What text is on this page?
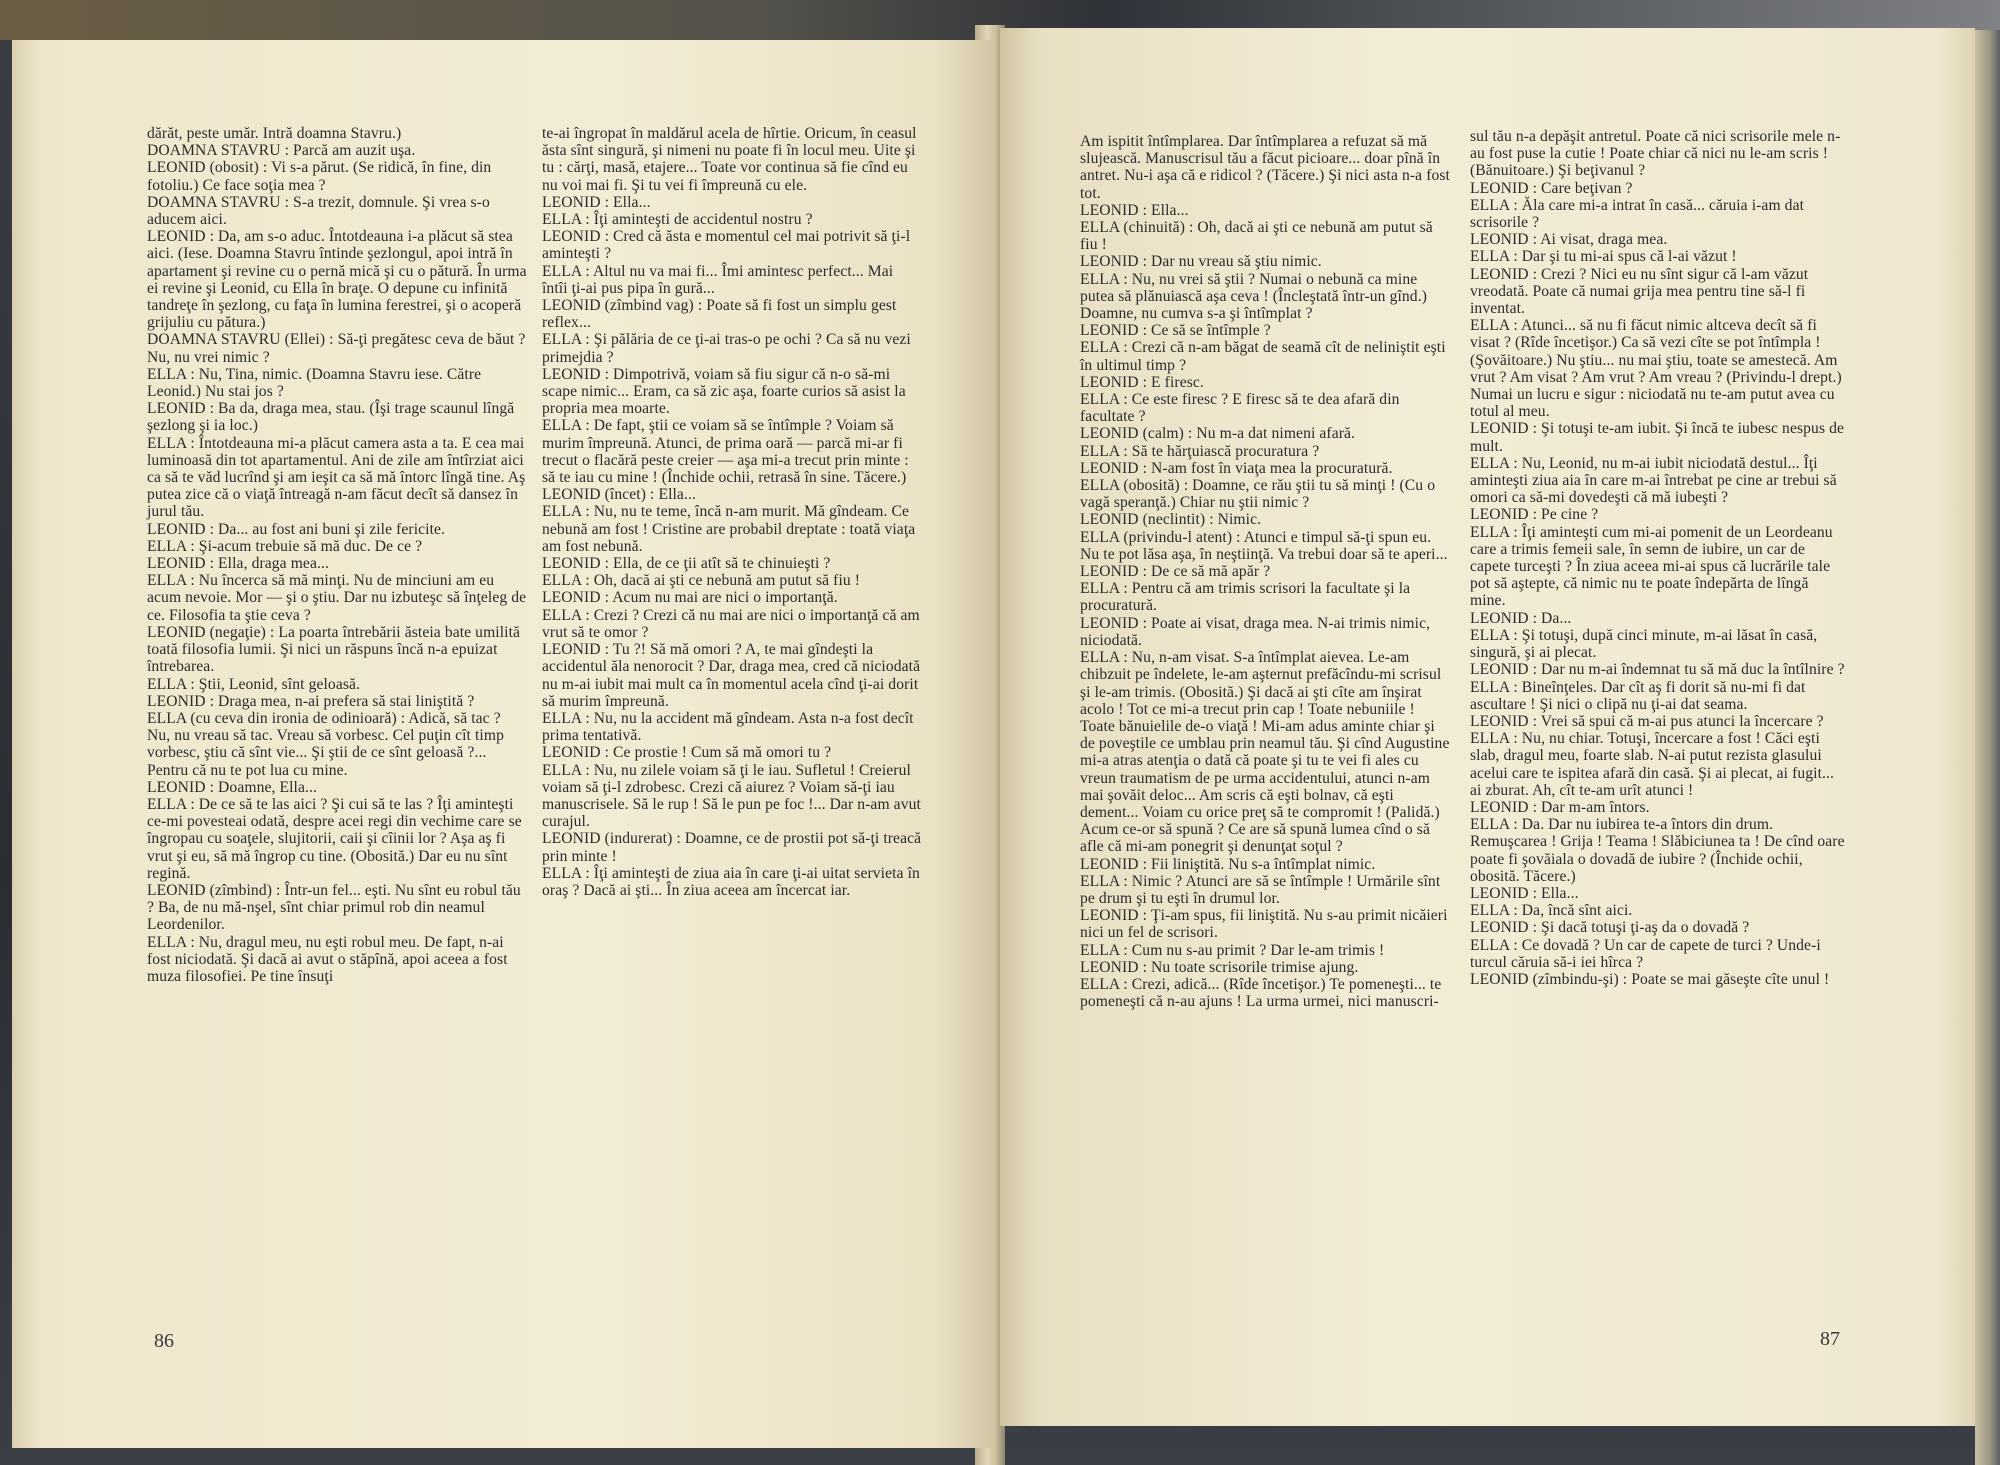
dărăt, peste umăr. Intră doamna Stavru.)

DOAMNA STAVRU : Parcă am auzit uşa.

LEONID (obosit) : Vi s-a părut. (Se ridică, în fine, din fotoliu.) Ce face soţia mea ?

DOAMNA STAVRU : S-a trezit, domnule. Şi vrea s-o aducem aici.

LEONID : Da, am s-o aduc. Întotdeauna i-a plăcut să stea aici. (Iese. Doamna Stavru întinde şezlongul, apoi intră în apartament şi revine cu o pernă mică şi cu o pătură. În urma ei revine şi Leonid, cu Ella în braţe. O depune cu infinită tandreţe în şezlong, cu faţa în lumina ferestrei, şi o acoperă grijuliu cu pătura.)

DOAMNA STAVRU (Ellei) : Să-ţi pregătesc ceva de băut ? Nu, nu vrei nimic ?

ELLA : Nu, Tina, nimic. (Doamna Stavru iese. Către Leonid.) Nu stai jos ?

LEONID : Ba da, draga mea, stau. (Îşi trage scaunul lîngă şezlong şi ia loc.)

ELLA : Întotdeauna mi-a plăcut camera asta a ta. E cea mai luminoasă din tot apartamentul. Ani de zile am întîrziat aici ca să te văd lucrînd şi am ieşit ca să mă întorc lîngă tine. Aş putea zice că o viaţă întreagă n-am făcut decît să dansez în jurul tău.

LEONID : Da... au fost ani buni şi zile fericite.

ELLA : Şi-acum trebuie să mă duc. De ce ?

LEONID : Ella, draga mea...

ELLA : Nu încerca să mă minţi. Nu de minciuni am eu acum nevoie. Mor — şi o ştiu. Dar nu izbuteşc să înţeleg de ce. Filosofia ta ştie ceva ?

LEONID (negaţie) : La poarta întrebării ăsteia bate umilită toată filosofia lumii. Şi nici un răspuns încă n-a epuizat întrebarea.

ELLA : Ştii, Leonid, sînt geloasă.

LEONID : Draga mea, n-ai prefera să stai liniştită ?

ELLA (cu ceva din ironia de odinioară) : Adică, să tac ? Nu, nu vreau să tac. Vreau să vorbesc. Cel puţin cît timp vorbesc, ştiu că sînt vie... Şi ştii de ce sînt geloasă ?... Pentru că nu te pot lua cu mine.

LEONID : Doamne, Ella...

ELLA : De ce să te las aici ? Şi cui să te las ? Îţi aminteşti ce-mi povesteai odată, despre acei regi din vechime care se îngropau cu soaţele, slujitorii, caii şi cîinii lor ? Aşa aş fi vrut şi eu, să mă îngrop cu tine. (Obosită.) Dar eu nu sînt regină.

LEONID (zîmbind) : Într-un fel... eşti. Nu sînt eu robul tău ? Ba, de nu mă-nşel, sînt chiar primul rob din neamul Leordenilor.

ELLA : Nu, dragul meu, nu eşti robul meu. De fapt, n-ai fost niciodată. Şi dacă ai avut o stăpînă, apoi aceea a fost muza filosofiei. Pe tine însuţi

te-ai îngropat în maldărul acela de hîrtie. Oricum, în ceasul ăsta sînt singură, şi nimeni nu poate fi în locul meu. Uite şi tu : cărţi, masă, etajere... Toate vor continua să fie cînd eu nu voi mai fi. Şi tu vei fi împreună cu ele.

LEONID : Ella...

ELLA : Îţi aminteşti de accidentul nostru ?

LEONID : Cred că ăsta e momentul cel mai potrivit să ţi-l aminteşti ?

ELLA : Altul nu va mai fi... Îmi amintesc perfect... Mai întîi ţi-ai pus pipa în gură...

LEONID (zîmbind vag) : Poate să fi fost un simplu gest reflex...

ELLA : Şi pălăria de ce ţi-ai tras-o pe ochi ? Ca să nu vezi primejdia ?

LEONID : Dimpotrivă, voiam să fiu sigur că n-o să-mi scape nimic... Eram, ca să zic aşa, foarte curios să asist la propria mea moarte.

ELLA : De fapt, ştii ce voiam să se întîmple ? Voiam să murim împreună. Atunci, de prima oară — parcă mi-ar fi trecut o flacără peste creier — aşa mi-a trecut prin minte : să te iau cu mine ! (Închide ochii, retrasă în sine. Tăcere.)

LEONID (încet) : Ella...

ELLA : Nu, nu te teme, încă n-am murit. Mă gîndeam. Ce nebună am fost ! Cristine are probabil dreptate : toată viaţa am fost nebună.

LEONID : Ella, de ce ţii atît să te chinuieşti ?

ELLA : Oh, dacă ai şti ce nebună am putut să fiu !

LEONID : Acum nu mai are nici o importanţă.

ELLA : Crezi ? Crezi că nu mai are nici o importanţă că am vrut să te omor ?

LEONID : Tu ?! Să mă omori ? A, te mai gîndeşti la accidentul ăla nenorocit ? Dar, draga mea, cred că niciodată nu m-ai iubit mai mult ca în momentul acela cînd ţi-ai dorit să murim împreună.

ELLA : Nu, nu la accident mă gîndeam. Asta n-a fost decît prima tentativă.

LEONID : Ce prostie ! Cum să mă omori tu ?

ELLA : Nu, nu zilele voiam să ţi le iau. Sufletul ! Creierul voiam să ţi-l zdrobesc. Crezi că aiurez ? Voiam să-ţi iau manuscrisele. Să le rup ! Să le pun pe foc !... Dar n-am avut curajul.

LEONID (indurerat) : Doamne, ce de prostii pot să-ţi treacă prin minte !

ELLA : Îţi aminteşti de ziua aia în care ţi-ai uitat servieta în oraş ? Dacă ai şti... În ziua aceea am încercat iar.

86

Am ispitit întîmplarea. Dar întîmplarea a refuzat să mă slujească. Manuscrisul tău a făcut picioare... doar pînă în antret. Nu-i aşa că e ridicol ? (Tăcere.) Şi nici asta n-a fost tot.

LEONID : Ella...

ELLA (chinuită) : Oh, dacă ai şti ce nebună am putut să fiu !

LEONID : Dar nu vreau să ştiu nimic.

ELLA : Nu, nu vrei să ştii ? Numai o nebună ca mine putea să plănuiască aşa ceva ! (Încleştată într-un gînd.) Doamne, nu cumva s-a şi întîmplat ?

LEONID : Ce să se întîmple ?

ELLA : Crezi că n-am băgat de seamă cît de neliniştit eşti în ultimul timp ?

LEONID : E firesc.

ELLA : Ce este firesc ? E firesc să te dea afară din facultate ?

LEONID (calm) : Nu m-a dat nimeni afară.

ELLA : Să te hărţuiască procuratura ?

LEONID : N-am fost în viaţa mea la procuratură.

ELLA (obosită) : Doamne, ce rău ştii tu să minţi ! (Cu o vagă speranţă.) Chiar nu ştii nimic ?

LEONID (neclintit) : Nimic.

ELLA (privindu-l atent) : Atunci e timpul să-ţi spun eu. Nu te pot lăsa aşa, în neştiinţă. Va trebui doar să te aperi...

LEONID : De ce să mă apăr ?

ELLA : Pentru că am trimis scrisori la facultate şi la procuratură.

LEONID : Poate ai visat, draga mea. N-ai trimis nimic, niciodată.

ELLA : Nu, n-am visat. S-a întîmplat aievea. Le-am chibzuit pe îndelete, le-am aşternut prefăcîndu-mi scrisul şi le-am trimis. (Obosită.) Şi dacă ai şti cîte am înşirat acolo ! Tot ce mi-a trecut prin cap ! Toate nebuniile ! Toate bănuielile de-o viaţă ! Mi-am adus aminte chiar şi de poveştile ce umblau prin neamul tău. Şi cînd Augustine mi-a atras atenţia o dată că poate şi tu te vei fi ales cu vreun traumatism de pe urma accidentului, atunci n-am mai şovăit deloc... Am scris că eşti bolnav, că eşti dement... Voiam cu orice preţ să te compromit ! (Palidă.) Acum ce-or să spună ? Ce are să spună lumea cînd o să afle că mi-am ponegrit şi denunţat soţul ?

LEONID : Fii liniştită. Nu s-a întîmplat nimic.

ELLA : Nimic ? Atunci are să se întîmple ! Urmările sînt pe drum şi tu eşti în drumul lor.

LEONID : Ţi-am spus, fii liniştită. Nu s-au primit nicăieri nici un fel de scrisori.

ELLA : Cum nu s-au primit ? Dar le-am trimis !

LEONID : Nu toate scrisorile trimise ajung.

ELLA : Crezi, adică... (Rîde încetişor.) Te pomeneşti... te pomeneşti că n-au ajuns ! La urma urmei, nici manuscri-

sul tău n-a depăşit antretul. Poate că nici scrisorile mele n-au fost puse la cutie ! Poate chiar că nici nu le-am scris ! (Bănuitoare.) Şi beţivanul ?

LEONID : Care beţivan ?

ELLA : Ăla care mi-a intrat în casă... căruia i-am dat scrisorile ?

LEONID : Ai visat, draga mea.

ELLA : Dar şi tu mi-ai spus că l-ai văzut !

LEONID : Crezi ? Nici eu nu sînt sigur că l-am văzut vreodată. Poate că numai grija mea pentru tine să-l fi inventat.

ELLA : Atunci... să nu fi făcut nimic altceva decît să fi visat ? (Rîde încetişor.) Ca să vezi cîte se pot întîmpla ! (Şovăitoare.) Nu ştiu... nu mai ştiu, toate se amestecă. Am vrut ? Am visat ? Am vrut ? Am vreau ? (Privindu-l drept.) Numai un lucru e sigur : niciodată nu te-am putut avea cu totul al meu.

LEONID : Şi totuşi te-am iubit. Şi încă te iubesc nespus de mult.

ELLA : Nu, Leonid, nu m-ai iubit niciodată destul... Îţi aminteşti ziua aia în care m-ai întrebat pe cine ar trebui să omori ca să-mi dovedeşti că mă iubeşti ?

LEONID : Pe cine ?

ELLA : Îţi aminteşti cum mi-ai pomenit de un Leordeanu care a trimis femeii sale, în semn de iubire, un car de capete turceşti ? În ziua aceea mi-ai spus că lucrările tale pot să aştepte, că nimic nu te poate îndepărta de lîngă mine.

LEONID : Da...

ELLA : Şi totuşi, după cinci minute, m-ai lăsat în casă, singură, şi ai plecat.

LEONID : Dar nu m-ai îndemnat tu să mă duc la întîlnire ?

ELLA : Bineînţeles. Dar cît aş fi dorit să nu-mi fi dat ascultare ! Şi nici o clipă nu ţi-ai dat seama.

LEONID : Vrei să spui că m-ai pus atunci la încercare ?

ELLA : Nu, nu chiar. Totuşi, încercare a fost ! Căci eşti slab, dragul meu, foarte slab. N-ai putut rezista glasului acelui care te ispitea afară din casă. Şi ai plecat, ai fugit... ai zburat. Ah, cît te-am urît atunci !

LEONID : Dar m-am întors.

ELLA : Da. Dar nu iubirea te-a întors din drum. Remuşcarea ! Grija ! Teama ! Slăbiciunea ta ! De cînd oare poate fi şovăiala o dovadă de iubire ? (Închide ochii, obosită. Tăcere.)

LEONID : Ella...

ELLA : Da, încă sînt aici.

LEONID : Şi dacă totuşi ţi-aş da o dovadă ?

ELLA : Ce dovadă ? Un car de capete de turci ? Unde-i turcul căruia să-i iei hîrca ?

LEONID (zîmbindu-şi) : Poate se mai găseşte cîte unul !

87
